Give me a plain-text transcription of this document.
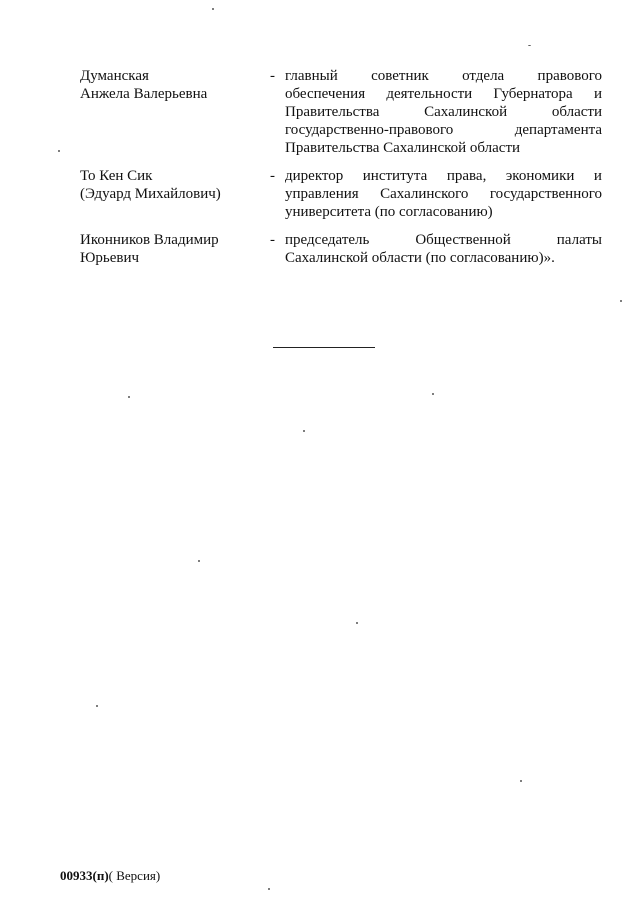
Думанская
Анжела Валерьевна
- главный советник отдела правового
обеспечения деятельности Губернатора и
Правительства	Сахалинской	области
государственно-правового	департамента
Правительства Сахалинской области
То Кен Сик
(Эдуард Михайлович)
- директор института права, экономики и
управления Сахалинского государственного
университета (по согласованию)
Иконников Владимир
Юрьевич
- председатель	Общественной	палаты
Сахалинской области (по согласованию)».
00933(п)( Версия)
